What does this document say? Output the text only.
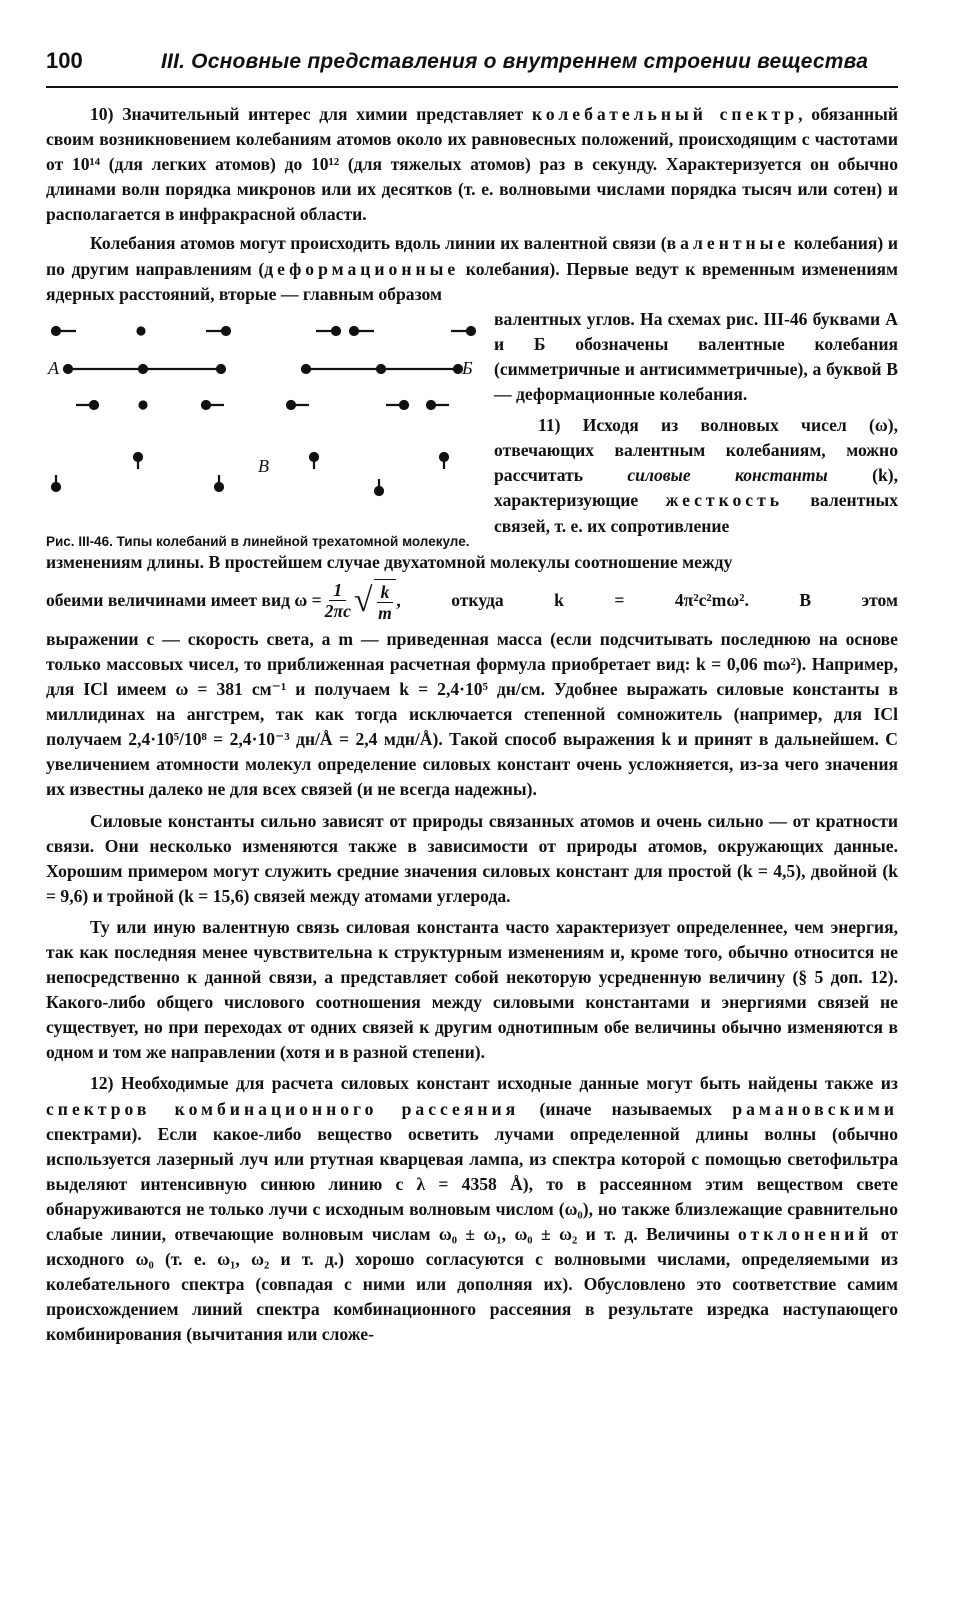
100	III. Основные представления о внутреннем строении вещества

10) Значительный интерес для химии представляет колебательный спектр, обязанный своим возникновением колебаниям атомов около их равновесных положений, происходящим с частотами от 10¹⁴ (для легких атомов) до 10¹² (для тяжелых атомов) раз в секунду. Характеризуется он обычно длинами волн порядка микронов или их десятков (т. е. волновыми числами порядка тысяч или сотен) и располагается в инфракрасной области.

Колебания атомов могут происходить вдоль линии их валентной связи (валентные колебания) и по другим направлениям (деформационные колебания). Первые ведут к временным изменениям ядерных расстояний, вторые — главным образом

А	Б
В
Рис. III-46. Типы колебаний в линейной трехатомной молекуле.

валентных углов. На схемах рис. III-46 буквами А и Б обозначены валентные колебания (симметричные и антисимметричные), а буквой В — деформационные колебания.

11) Исходя из волновых чисел (ω), отвечающих валентным колебаниям, можно рассчитать силовые константы (k), характеризующие жесткость валентных связей, т. е. их сопротивление

изменениям длины. В простейшем случае двухатомной молекулы соотношение между

обеими величинами имеет вид $\omega = \frac{1}{2\pi c}$ √ $\frac{k}{m}$ , откуда k = 4π²c²mω². В этом

выражении c — скорость света, а m — приведенная масса (если подсчитывать последнюю на основе только массовых чисел, то приближенная расчетная формула приобретает вид: k = 0,06 mω²). Например, для ICl имеем ω = 381 см⁻¹ и получаем k = 2,4·10⁵ дн/см. Удобнее выражать силовые константы в миллидинах на ангстрем, так как тогда исключается степенной сомножитель (например, для ICl получаем 2,4·10⁵/10⁸ = 2,4·10⁻³ дн/Å = 2,4 мдн/Å). Такой способ выражения k и принят в дальнейшем. С увеличением атомности молекул определение силовых констант очень усложняется, из-за чего значения их известны далеко не для всех связей (и не всегда надежны).

Силовые константы сильно зависят от природы связанных атомов и очень сильно — от кратности связи. Они несколько изменяются также в зависимости от природы атомов, окружающих данные. Хорошим примером могут служить средние значения силовых констант для простой (k = 4,5), двойной (k = 9,6) и тройной (k = 15,6) связей между атомами углерода.

Ту или иную валентную связь силовая константа часто характеризует определеннее, чем энергия, так как последняя менее чувствительна к структурным изменениям и, кроме того, обычно относится не непосредственно к данной связи, а представляет собой некоторую усредненную величину (§ 5 доп. 12). Какого-либо общего числового соотношения между силовыми константами и энергиями связей не существует, но при переходах от одних связей к другим однотипным обе величины обычно изменяются в одном и том же направлении (хотя и в разной степени).

12) Необходимые для расчета силовых констант исходные данные могут быть найдены также из спектров комбинационного рассеяния (иначе называемых рамановскими спектрами). Если какое-либо вещество осветить лучами определенной длины волны (обычно используется лазерный луч или ртутная кварцевая лампа, из спектра которой с помощью светофильтра выделяют интенсивную синюю линию с λ = 4358 Å), то в рассеянном этим веществом свете обнаруживаются не только лучи с исходным волновым числом (ω₀), но также близлежащие сравнительно слабые линии, отвечающие волновым числам ω₀ ± ω₁, ω₀ ± ω₂ и т. д. Величины отклонений от исходного ω₀ (т. е. ω₁, ω₂ и т. д.) хорошо согласуются с волновыми числами, определяемыми из колебательного спектра (совпадая с ними или дополняя их). Обусловлено это соответствие самим происхождением линий спектра комбинационного рассеяния в результате изредка наступающего комбинирования (вычитания или сложе-
